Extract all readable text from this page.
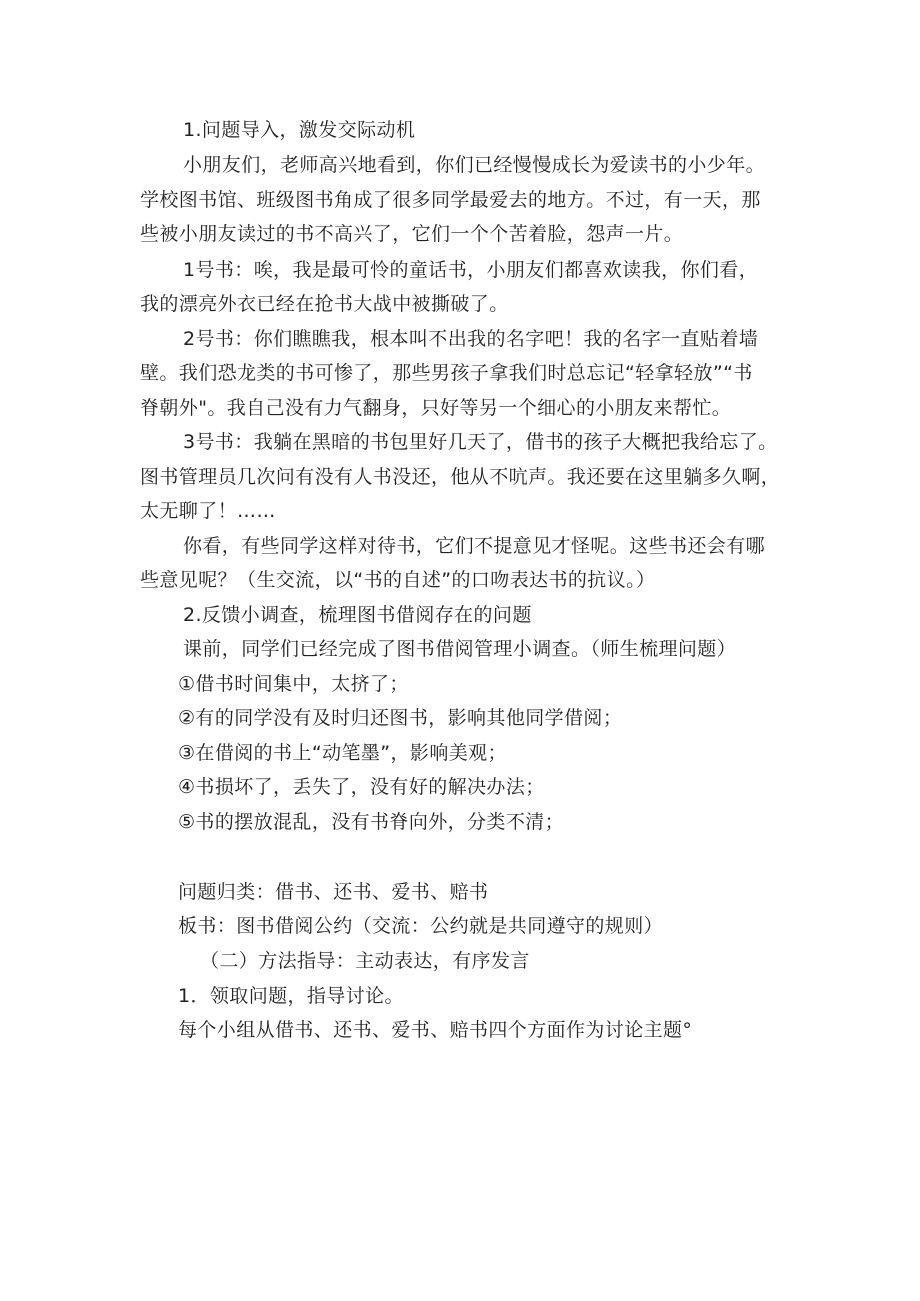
1.问题导入，激发交际动机
小朋友们，老师高兴地看到，你们已经慢慢成长为爱读书的小少年。
学校图书馆、班级图书角成了很多同学最爱去的地方。不过，有一天，那
些被小朋友读过的书不高兴了，它们一个个苦着脸，怨声一片。
1号书：唉，我是最可怜的童话书，小朋友们都喜欢读我，你们看，
我的漂亮外衣已经在抢书大战中被撕破了。
2号书：你们瞧瞧我，根本叫不出我的名字吧！我的名字一直贴着墙
壁。我们恐龙类的书可惨了，那些男孩子拿我们时总忘记“轻拿轻放”“书
脊朝外"。我自己没有力气翻身，只好等另一个细心的小朋友来帮忙。
3号书：我躺在黑暗的书包里好几天了，借书的孩子大概把我给忘了。
图书管理员几次问有没有人书没还，他从不吭声。我还要在这里躺多久啊，
太无聊了！……
你看，有些同学这样对待书，它们不提意见才怪呢。这些书还会有哪
些意见呢？（生交流，以“书的自述”的口吻表达书的抗议。）
2.反馈小调查，梳理图书借阅存在的问题
课前，同学们已经完成了图书借阅管理小调查。（师生梳理问题）
①借书时间集中，太挤了；
②有的同学没有及时归还图书，影响其他同学借阅；
③在借阅的书上“动笔墨”，影响美观；
④书损坏了，丢失了，没有好的解决办法；
⑤书的摆放混乱，没有书脊向外，分类不清；
问题归类：借书、还书、爱书、赔书
板书：图书借阅公约（交流：公约就是共同遵守的规则）
（二）方法指导：主动表达，有序发言
1．领取问题，指导讨论。
每个小组从借书、还书、爱书、赔书四个方面作为讨论主题°
